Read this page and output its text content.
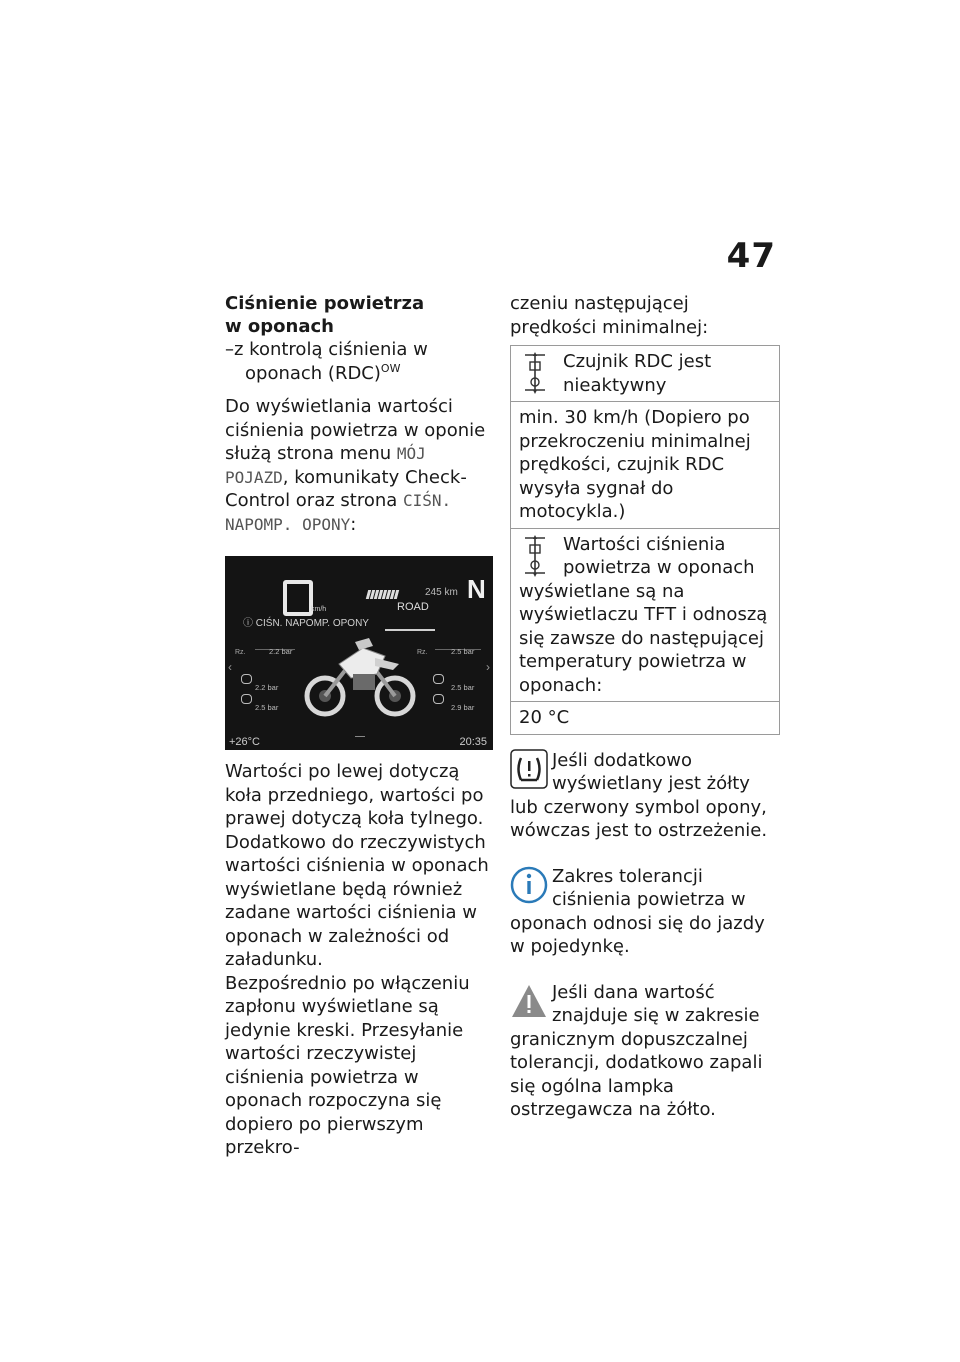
47

Ciśnienie powietrza
w oponach

–z kontrolą ciśnienia w oponach (RDC)$^{OW}$

Do wyświetlania wartości ciśnienia powietrza w oponie służą strona menu MÓJ POJAZD, komunikaty Check-Control oraz strona CIŚN. NAPOMP. OPONY:

km/h
245 km
ROAD
N
ⓘ CIŚN. NAPOMP. OPONY
Rz.	2.2 bar	Rz.	2.5 bar
‹	›
2.2 bar
2.5 bar
2.5 bar
2.9 bar
+26°C	20:35

Wartości po lewej dotyczą koła przedniego, wartości po prawej dotyczą koła tylnego.

Dodatkowo do rzeczywistych wartości ciśnienia w oponach wyświetlane będą również zadane wartości ciśnienia w oponach w zależności od załadunku.

Bezpośrednio po włączeniu zapłonu wyświetlane są jedynie kreski. Przesyłanie wartości rzeczywistej ciśnienia powietrza w oponach rozpoczyna się dopiero po pierwszym przekro-

czeniu następującej prędkości minimalnej:

Czujnik RDC jest nieaktywny
min. 30 km/h (Dopiero po przekroczeniu minimalnej prędkości, czujnik RDC wysyła sygnał do motocykla.)
Wartości ciśnienia powietrza w oponach wyświetlane są na wyświetlaczu TFT i odnoszą się zawsze do następującej temperatury powietrza w oponach:
20 °C
Jeśli dodatkowo wyświetlany jest żółty lub czerwony symbol opony, wówczas jest to ostrzeżenie.
Zakres tolerancji ciśnienia powietrza w oponach odnosi się do jazdy w pojedynkę.
Jeśli dana wartość znajduje się w zakresie granicznym dopuszczalnej tolerancji, dodatkowo zapali się ogólna lampka ostrzegawcza na żółto.
